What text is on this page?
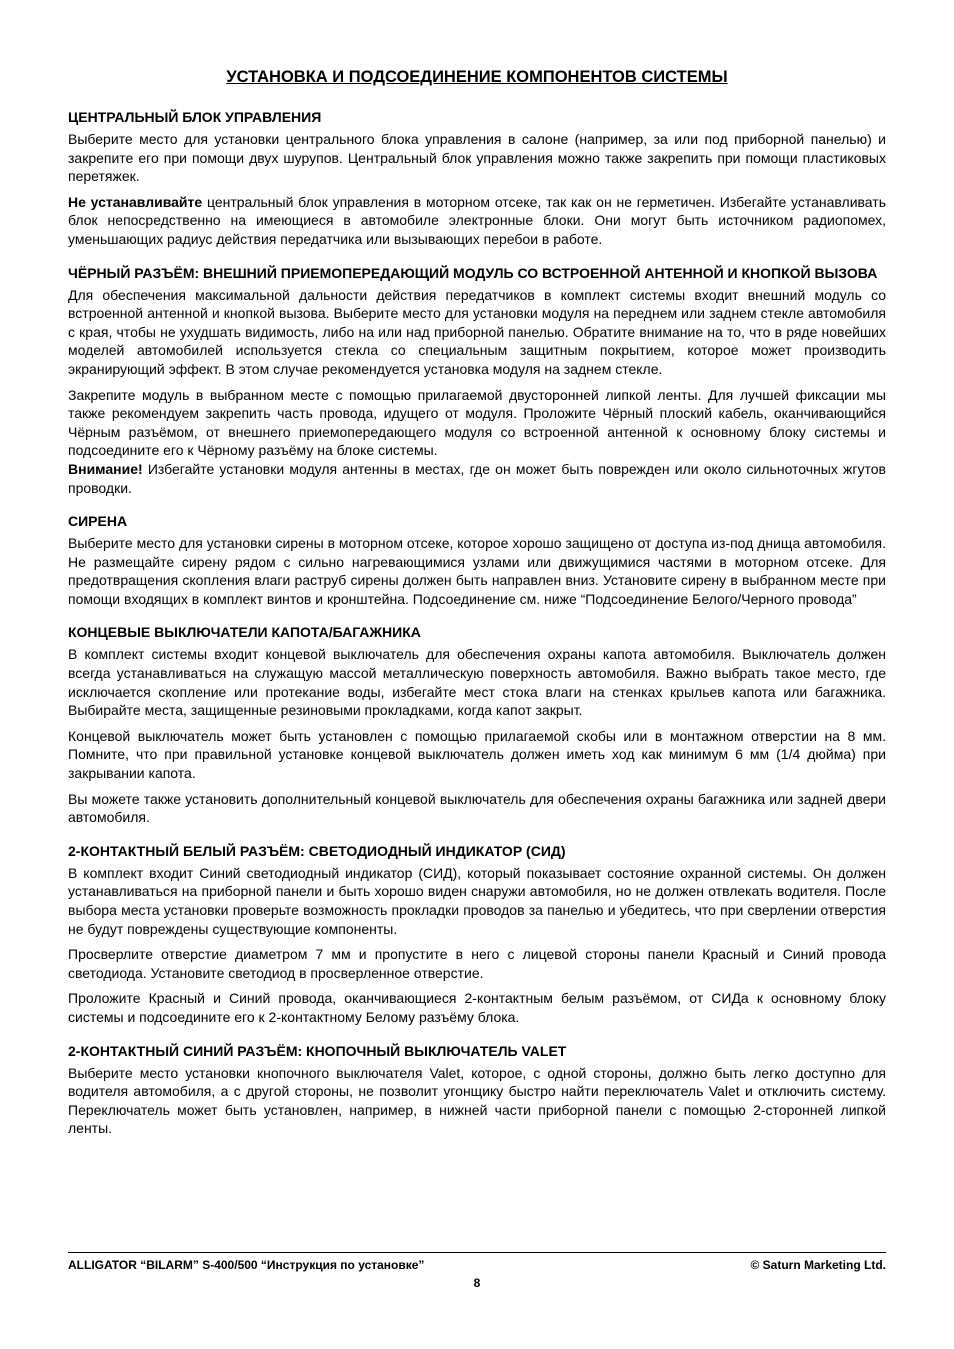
УСТАНОВКА И ПОДСОЕДИНЕНИЕ КОМПОНЕНТОВ СИСТЕМЫ
ЦЕНТРАЛЬНЫЙ БЛОК УПРАВЛЕНИЯ

Выберите место для установки центрального блока управления в салоне (например, за или под приборной панелью) и закрепите его при помощи двух шурупов. Центральный блок управления можно также закрепить при помощи пластиковых перетяжек.

Не устанавливайте центральный блок управления в моторном отсеке, так как он не герметичен. Избегайте устанавливать блок непосредственно на имеющиеся в автомобиле электронные блоки. Они могут быть источником радиопомех, уменьшающих радиус действия передатчика или вызывающих перебои в работе.

ЧЁРНЫЙ РАЗЪЁМ: ВНЕШНИЙ ПРИЕМОПЕРЕДАЮЩИЙ МОДУЛЬ СО ВСТРОЕННОЙ АНТЕННОЙ И КНОПКОЙ ВЫЗОВА

Для обеспечения максимальной дальности действия передатчиков в комплект системы входит внешний модуль со встроенной антенной и кнопкой вызова. Выберите место для установки модуля на переднем или заднем стекле автомобиля с края, чтобы не ухудшать видимость, либо на или над приборной панелью. Обратите внимание на то, что в ряде новейших моделей автомобилей используется стекла со специальным защитным покрытием, которое может производить экранирующий эффект. В этом случае рекомендуется установка модуля на заднем стекле.

Закрепите модуль в выбранном месте с помощью прилагаемой двусторонней липкой ленты. Для лучшей фиксации мы также рекомендуем закрепить часть провода, идущего от модуля. Проложите Чёрный плоский кабель, оканчивающийся Чёрным разъёмом, от внешнего приемопередающего модуля со встроенной антенной к основному блоку системы и подсоедините его к Чёрному разъёму на блоке системы.

Внимание! Избегайте установки модуля антенны в местах, где он может быть поврежден или около сильноточных жгутов проводки.

СИРЕНА

Выберите место для установки сирены в моторном отсеке, которое хорошо защищено от доступа из-под днища автомобиля. Не размещайте сирену рядом с сильно нагревающимися узлами или движущимися частями в моторном отсеке. Для предотвращения скопления влаги раструб сирены должен быть направлен вниз. Установите сирену в выбранном месте при помощи входящих в комплект винтов и кронштейна. Подсоединение см. ниже “Подсоединение Белого/Черного провода”

КОНЦЕВЫЕ ВЫКЛЮЧАТЕЛИ КАПОТА/БАГАЖНИКА

В комплект системы входит концевой выключатель для обеспечения охраны капота автомобиля. Выключатель должен всегда устанавливаться на служащую массой металлическую поверхность автомобиля. Важно выбрать такое место, где исключается скопление или протекание воды, избегайте мест стока влаги на стенках крыльев капота или багажника. Выбирайте места, защищенные резиновыми прокладками, когда капот закрыт.

Концевой выключатель может быть установлен с помощью прилагаемой скобы или в монтажном отверстии на 8 мм. Помните, что при правильной установке концевой выключатель должен иметь ход как минимум 6 мм (1/4 дюйма) при закрывании капота.

Вы можете также установить дополнительный концевой выключатель для обеспечения охраны багажника или задней двери автомобиля.

2-КОНТАКТНЫЙ БЕЛЫЙ РАЗЪЁМ: СВЕТОДИОДНЫЙ ИНДИКАТОР (СИД)

В комплект входит Синий светодиодный индикатор (СИД), который показывает состояние охранной системы. Он должен устанавливаться на приборной панели и быть хорошо виден снаружи автомобиля, но не должен отвлекать водителя. После выбора места установки проверьте возможность прокладки проводов за панелью и убедитесь, что при сверлении отверстия не будут повреждены существующие компоненты.

Просверлите отверстие диаметром 7 мм и пропустите в него с лицевой стороны панели Красный и Синий провода светодиода. Установите светодиод в просверленное отверстие.

Проложите Красный и Синий провода, оканчивающиеся 2-контактным белым разъёмом, от СИДа к основному блоку системы и подсоедините его к 2-контактному Белому разъёму блока.

2-КОНТАКТНЫЙ СИНИЙ РАЗЪЁМ: КНОПОЧНЫЙ ВЫКЛЮЧАТЕЛЬ VALET

Выберите место установки кнопочного выключателя Valet, которое, с одной стороны, должно быть легко доступно для водителя автомобиля, а с другой стороны, не позволит угонщику быстро найти переключатель Valet и отключить систему. Переключатель может быть установлен, например, в нижней части приборной панели с помощью 2-сторонней липкой ленты.

ALLIGATOR “BILARM” S-400/500 “Инструкция по установке”	© Saturn Marketing Ltd.
8
